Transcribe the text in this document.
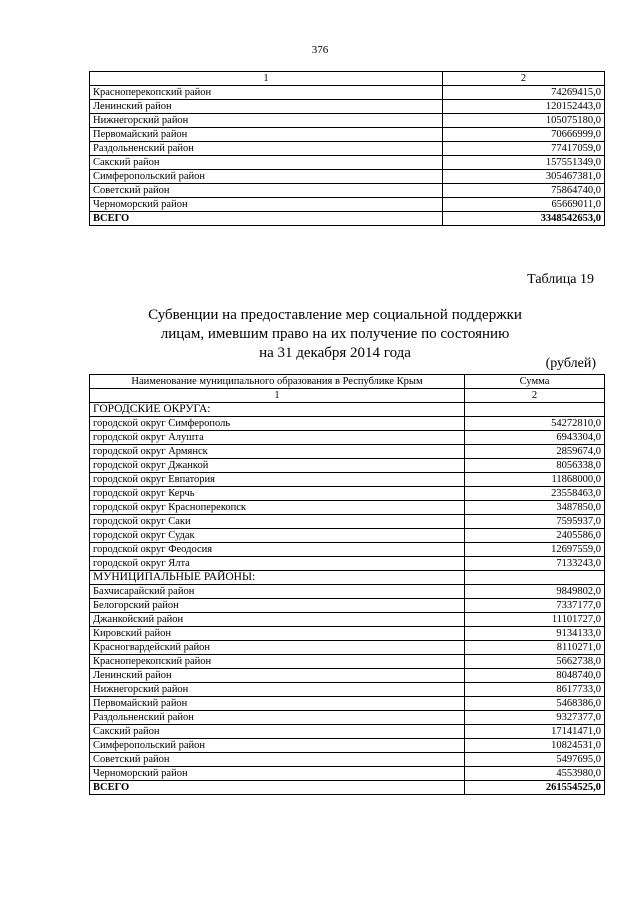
376
1	2
Красноперекопский район	74269415,0
Ленинский район	120152443,0
Нижнегорский район	105075180,0
Первомайский район	70666999,0
Раздольненский район	77417059,0
Сакский район	157551349,0
Симферопольский район	305467381,0
Советский район	75864740,0
Черноморский район	65669011,0
ВСЕГО	3348542653,0
Таблица 19
Субвенции на предоставление мер социальной поддержки
лицам, имевшим право на их получение по состоянию
на 31 декабря 2014 года
(рублей)
Наименование муниципального образования в Республике Крым	Сумма
1	2
ГОРОДСКИЕ ОКРУГА:	
городской округ Симферополь	54272810,0
городской округ Алушта	6943304,0
городской округ Армянск	2859674,0
городской округ Джанкой	8056338,0
городской округ Евпатория	11868000,0
городской округ Керчь	23558463,0
городской округ Красноперекопск	3487850,0
городской округ Саки	7595937,0
городской округ Судак	2405586,0
городской округ Феодосия	12697559,0
городской округ Ялта	7133243,0
МУНИЦИПАЛЬНЫЕ РАЙОНЫ:	
Бахчисарайский район	9849802,0
Белогорский район	7337177,0
Джанкойский район	11101727,0
Кировский район	9134133,0
Красногвардейский район	8110271,0
Красноперекопский район	5662738,0
Ленинский район	8048740,0
Нижнегорский район	8617733,0
Первомайский район	5468386,0
Раздольненский район	9327377,0
Сакский район	17141471,0
Симферопольский район	10824531,0
Советский район	5497695,0
Черноморский район	4553980,0
ВСЕГО	261554525,0
